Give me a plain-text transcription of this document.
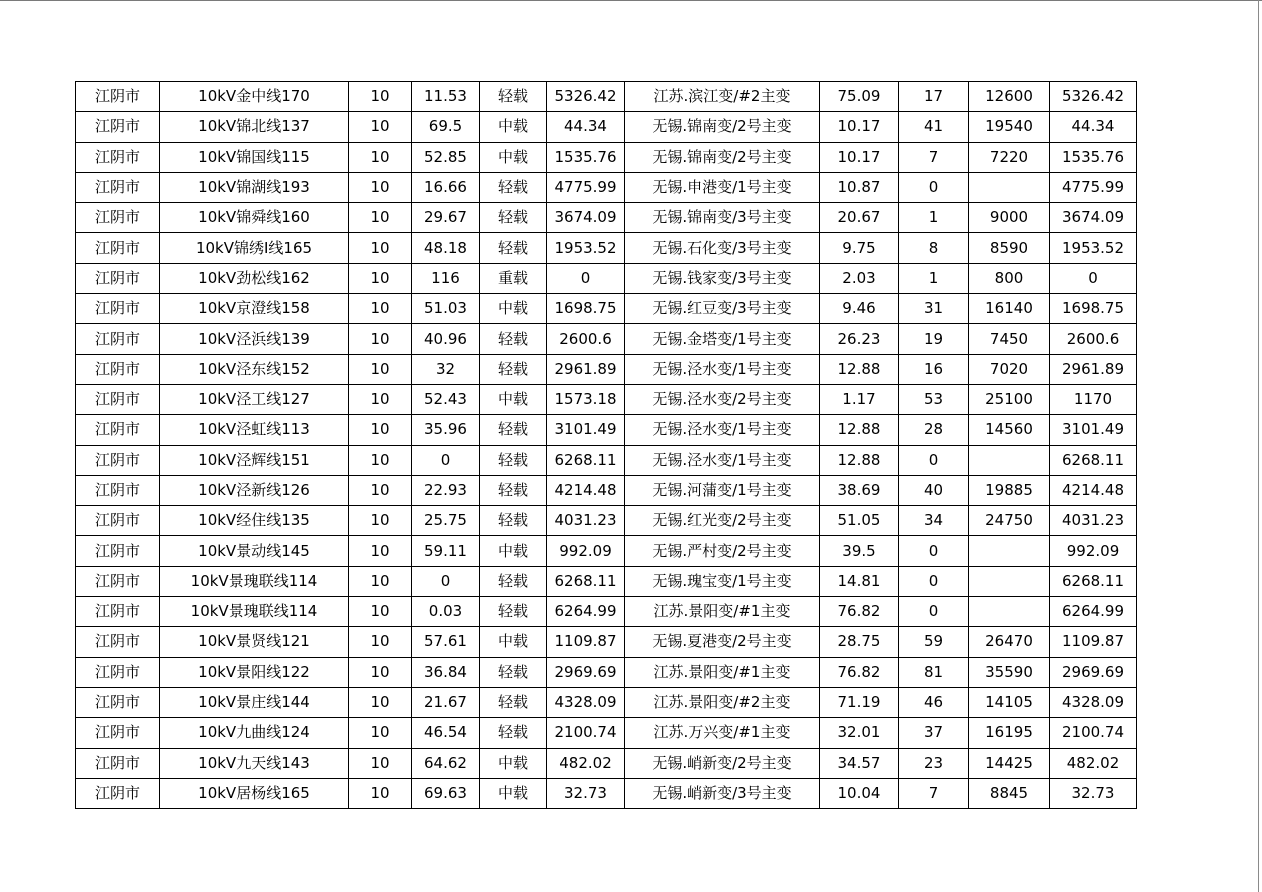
江阴市	10kV金中线170	10	11.53	轻载	5326.42	江苏.滨江变/#2主变	75.09	17	12600	5326.42
江阴市	10kV锦北线137	10	69.5	中载	44.34	无锡.锦南变/2号主变	10.17	41	19540	44.34
江阴市	10kV锦国线115	10	52.85	中载	1535.76	无锡.锦南变/2号主变	10.17	7	7220	1535.76
江阴市	10kV锦湖线193	10	16.66	轻载	4775.99	无锡.申港变/1号主变	10.87	0		4775.99
江阴市	10kV锦舜线160	10	29.67	轻载	3674.09	无锡.锦南变/3号主变	20.67	1	9000	3674.09
江阴市	10kV锦绣Ⅰ线165	10	48.18	轻载	1953.52	无锡.石化变/3号主变	9.75	8	8590	1953.52
江阴市	10kV劲松线162	10	116	重载	0	无锡.钱家变/3号主变	2.03	1	800	0
江阴市	10kV京澄线158	10	51.03	中载	1698.75	无锡.红豆变/3号主变	9.46	31	16140	1698.75
江阴市	10kV泾浜线139	10	40.96	轻载	2600.6	无锡.金塔变/1号主变	26.23	19	7450	2600.6
江阴市	10kV泾东线152	10	32	轻载	2961.89	无锡.泾水变/1号主变	12.88	16	7020	2961.89
江阴市	10kV泾工线127	10	52.43	中载	1573.18	无锡.泾水变/2号主变	1.17	53	25100	1170
江阴市	10kV泾虹线113	10	35.96	轻载	3101.49	无锡.泾水变/1号主变	12.88	28	14560	3101.49
江阴市	10kV泾辉线151	10	0	轻载	6268.11	无锡.泾水变/1号主变	12.88	0		6268.11
江阴市	10kV泾新线126	10	22.93	轻载	4214.48	无锡.河蒲变/1号主变	38.69	40	19885	4214.48
江阴市	10kV经住线135	10	25.75	轻载	4031.23	无锡.红光变/2号主变	51.05	34	24750	4031.23
江阴市	10kV景动线145	10	59.11	中载	992.09	无锡.严村变/2号主变	39.5	0		992.09
江阴市	10kV景瑰联线114	10	0	轻载	6268.11	无锡.瑰宝变/1号主变	14.81	0		6268.11
江阴市	10kV景瑰联线114	10	0.03	轻载	6264.99	江苏.景阳变/#1主变	76.82	0		6264.99
江阴市	10kV景贤线121	10	57.61	中载	1109.87	无锡.夏港变/2号主变	28.75	59	26470	1109.87
江阴市	10kV景阳线122	10	36.84	轻载	2969.69	江苏.景阳变/#1主变	76.82	81	35590	2969.69
江阴市	10kV景庄线144	10	21.67	轻载	4328.09	江苏.景阳变/#2主变	71.19	46	14105	4328.09
江阴市	10kV九曲线124	10	46.54	轻载	2100.74	江苏.万兴变/#1主变	32.01	37	16195	2100.74
江阴市	10kV九天线143	10	64.62	中载	482.02	无锡.峭新变/2号主变	34.57	23	14425	482.02
江阴市	10kV居杨线165	10	69.63	中载	32.73	无锡.峭新变/3号主变	10.04	7	8845	32.73
